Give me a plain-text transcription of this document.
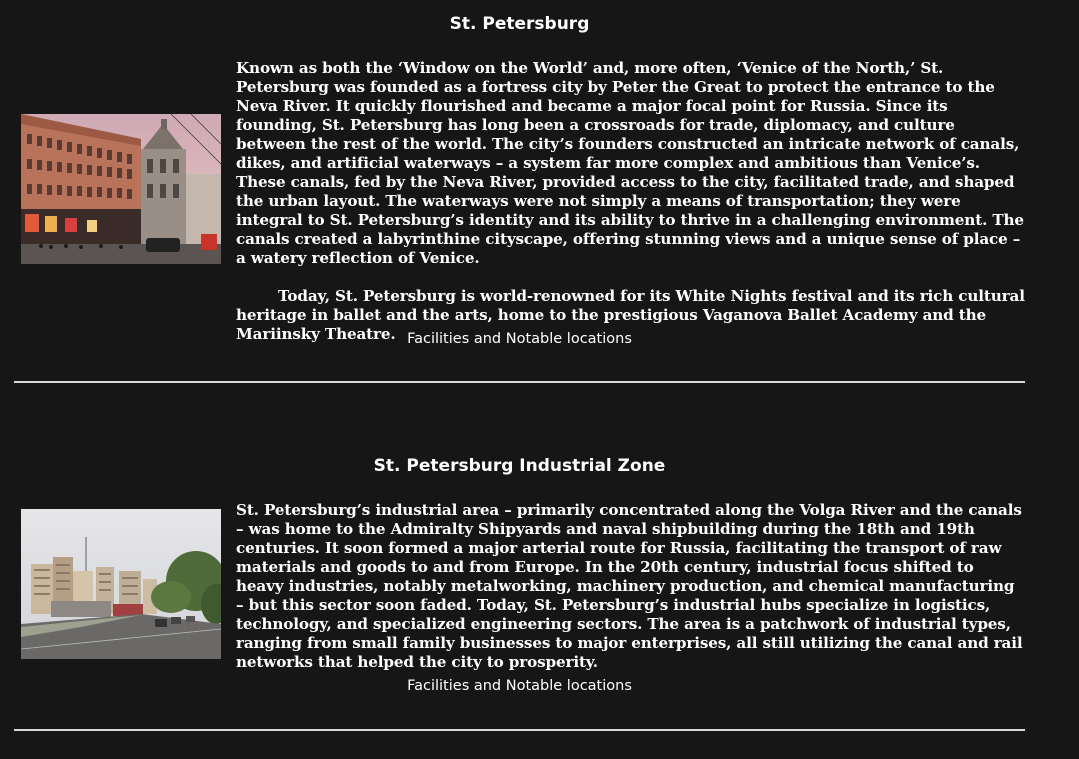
St. Petersburg

Known as both the ‘Window on the World’ and, more often, ‘Venice of the North,’ St. Petersburg was founded as a fortress city by Peter the Great to protect the entrance to the Neva River. It quickly flourished and became a major focal point for Russia. Since its founding, St. Petersburg has long been a crossroads for trade, diplomacy, and culture between the rest of the world. The city’s founders constructed an intricate network of canals, dikes, and artificial waterways – a system far more complex and ambitious than Venice’s. These canals, fed by the Neva River, provided access to the city, facilitated trade, and shaped the urban layout. The waterways were not simply a means of transportation; they were integral to St. Petersburg’s identity and its ability to thrive in a challenging environment. The canals created a labyrinthine cityscape, offering stunning views and a unique sense of place – a watery reflection of Venice.

Today, St. Petersburg is world-renowned for its White Nights festival and its rich cultural heritage in ballet and the arts, home to the prestigious Vaganova Ballet Academy and the Mariinsky Theatre. Facilities and Notable locations
St. Petersburg Industrial Zone

St. Petersburg’s industrial area – primarily concentrated along the Volga River and the canals – was home to the Admiralty Shipyards and naval shipbuilding during the 18th and 19th centuries. It soon formed a major arterial route for Russia, facilitating the transport of raw materials and goods to and from Europe. In the 20th century, industrial focus shifted to heavy industries, notably metalworking, machinery production, and chemical manufacturing – but this sector soon faded. Today, St. Petersburg’s industrial hubs specialize in logistics, technology, and specialized engineering sectors. The area is a patchwork of industrial types, ranging from small family businesses to major enterprises, all still utilizing the canal and rail networks that helped the city to prosperity.

Facilities and Notable locations
